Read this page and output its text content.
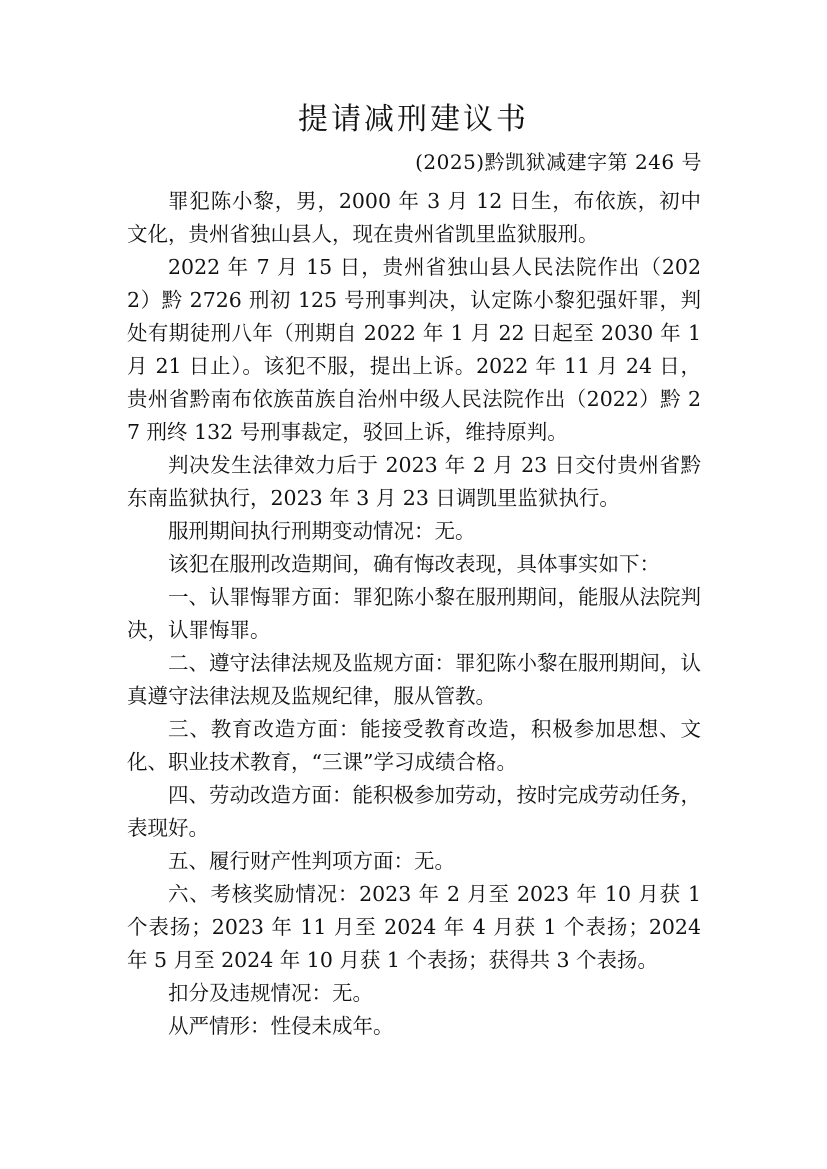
提请减刑建议书
(2025)黔凯狱减建字第 246 号

罪犯陈小黎，男，2000 年 3 月 12 日生，布依族，初中文化，贵州省独山县人，现在贵州省凯里监狱服刑。

2022 年 7 月 15 日，贵州省独山县人民法院作出（2022）黔 2726 刑初 125 号刑事判决，认定陈小黎犯强奸罪，判处有期徒刑八年（刑期自 2022 年 1 月 22 日起至 2030 年 1 月 21 日止）。该犯不服，提出上诉。2022 年 11 月 24 日，贵州省黔南布依族苗族自治州中级人民法院作出（2022）黔 27 刑终 132 号刑事裁定，驳回上诉，维持原判。

判决发生法律效力后于 2023 年 2 月 23 日交付贵州省黔东南监狱执行，2023 年 3 月 23 日调凯里监狱执行。

服刑期间执行刑期变动情况：无。

该犯在服刑改造期间，确有悔改表现，具体事实如下：

一、认罪悔罪方面：罪犯陈小黎在服刑期间，能服从法院判决，认罪悔罪。

二、遵守法律法规及监规方面：罪犯陈小黎在服刑期间，认真遵守法律法规及监规纪律，服从管教。

三、教育改造方面：能接受教育改造，积极参加思想、文化、职业技术教育，“三课”学习成绩合格。

四、劳动改造方面：能积极参加劳动，按时完成劳动任务，表现好。

五、履行财产性判项方面：无。

六、考核奖励情况：2023 年 2 月至 2023 年 10 月获 1 个表扬；2023 年 11 月至 2024 年 4 月获 1 个表扬；2024 年 5 月至 2024 年 10 月获 1 个表扬；获得共 3 个表扬。

扣分及违规情况：无。

从严情形：性侵未成年。
